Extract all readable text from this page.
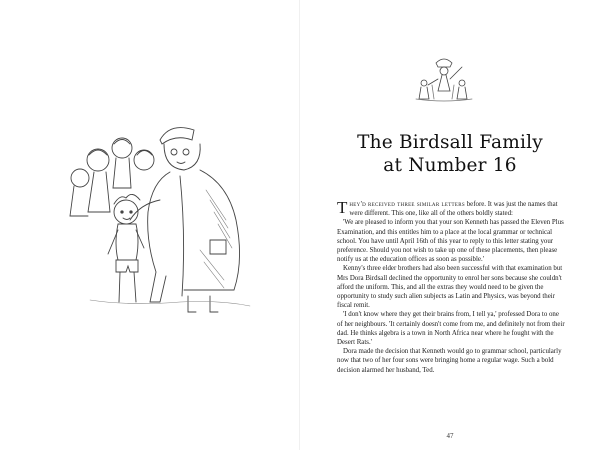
The Birdsall Family
at Number 16

They'd received three similar letters before. It was just the names that were different. This one, like all of the others boldly stated:

'We are pleased to inform you that your son Kenneth has passed the Eleven Plus Examination, and this entitles him to a place at the local grammar or technical school. You have until April 16th of this year to reply to this letter stating your preference. Should you not wish to take up one of these placements, then please notify us at the education offices as soon as possible.'

Kenny's three elder brothers had also been successful with that examination but Mrs Dora Birdsall declined the opportunity to enrol her sons because she couldn't afford the uniform. This, and all the extras they would need to be given the opportunity to study such alien subjects as Latin and Physics, was beyond their fiscal remit.

'I don't know where they get their brains from, I tell ya,' professed Dora to one of her neighbours. 'It certainly doesn't come from me, and definitely not from their dad. He thinks algebra is a town in North Africa near where he fought with the Desert Rats.'

Dora made the decision that Kenneth would go to grammar school, particularly now that two of her four sons were bringing home a regular wage. Such a bold decision alarmed her husband, Ted.

47
